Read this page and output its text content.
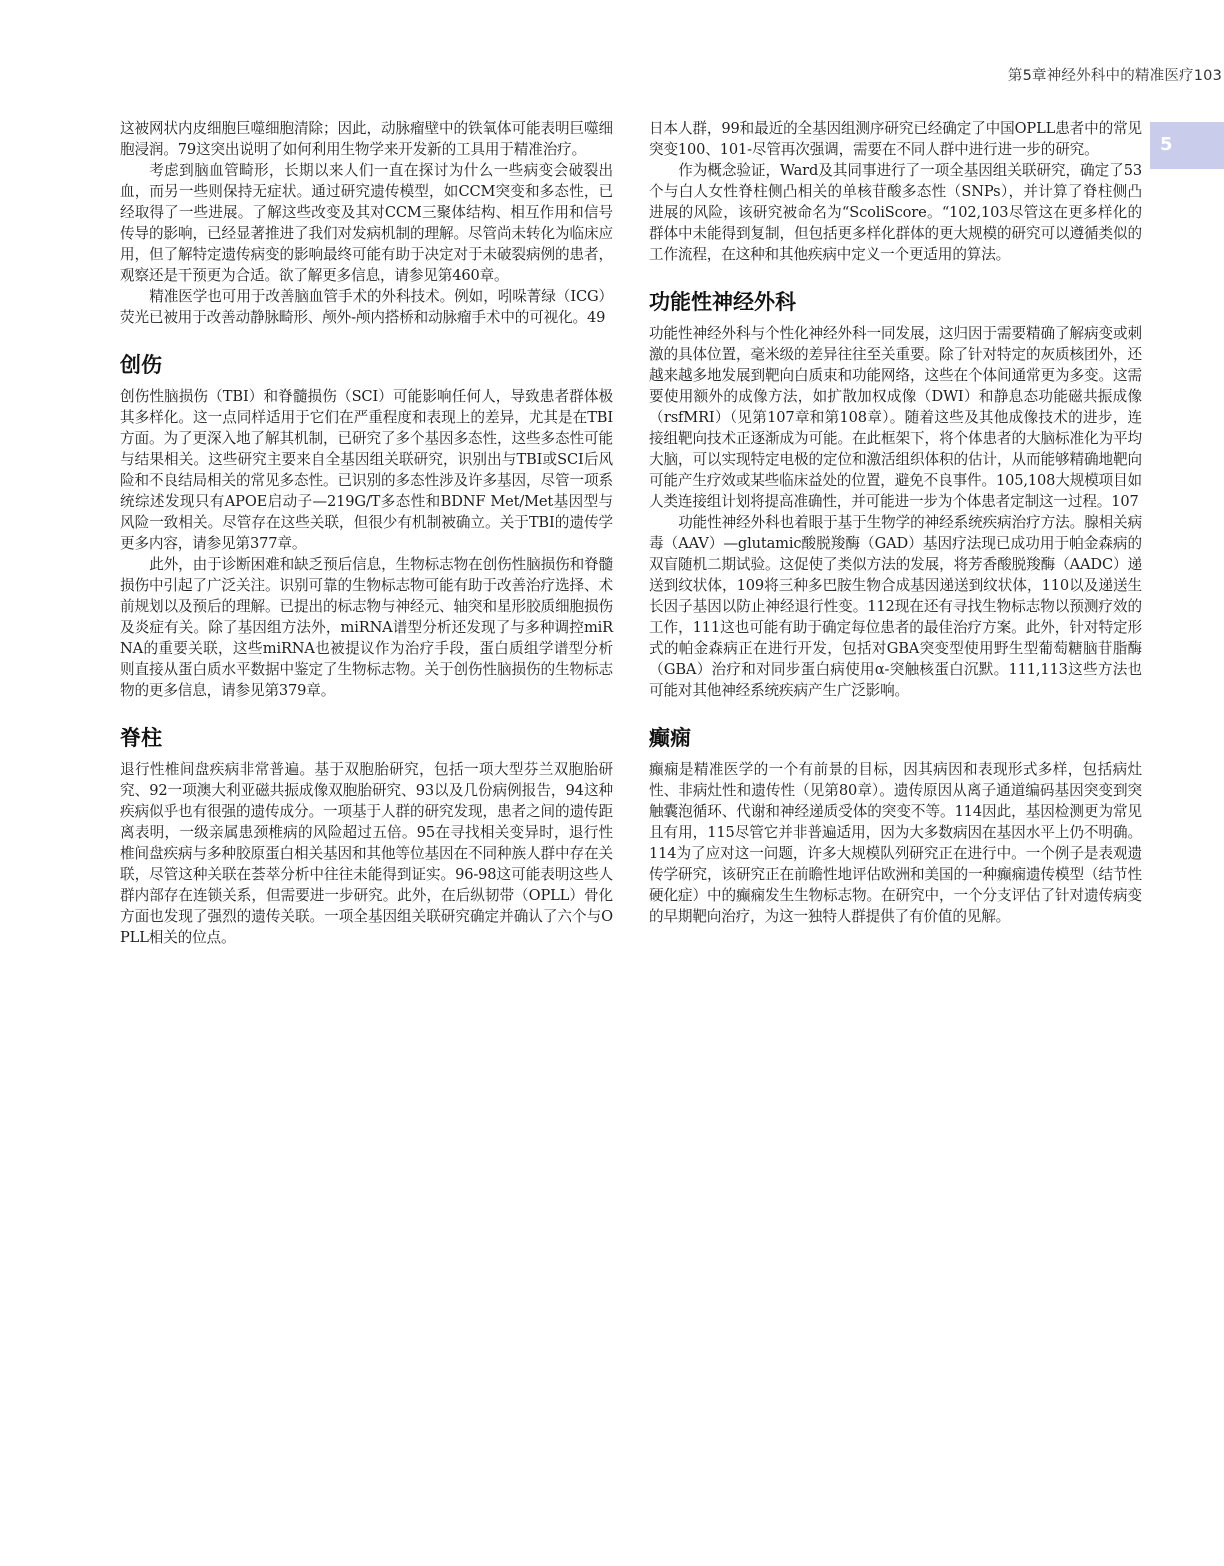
第5章神经外科中的精准医疗103
5

这被网状内皮细胞巨噬细胞清除；因此，动脉瘤壁中的铁氧体可能表明巨噬细胞浸润。79这突出说明了如何利用生物学来开发新的工具用于精准治疗。

考虑到脑血管畸形，长期以来人们一直在探讨为什么一些病变会破裂出血，而另一些则保持无症状。通过研究遗传模型，如CCM突变和多态性，已经取得了一些进展。了解这些改变及其对CCM三聚体结构、相互作用和信号传导的影响，已经显著推进了我们对发病机制的理解。尽管尚未转化为临床应用，但了解特定遗传病变的影响最终可能有助于决定对于未破裂病例的患者，观察还是干预更为合适。欲了解更多信息，请参见第460章。

精准医学也可用于改善脑血管手术的外科技术。例如，吲哚菁绿（ICG）荧光已被用于改善动静脉畸形、颅外-颅内搭桥和动脉瘤手术中的可视化。49

创伤

创伤性脑损伤（TBI）和脊髓损伤（SCI）可能影响任何人，导致患者群体极其多样化。这一点同样适用于它们在严重程度和表现上的差异，尤其是在TBI方面。为了更深入地了解其机制，已研究了多个基因多态性，这些多态性可能与结果相关。这些研究主要来自全基因组关联研究，识别出与TBI或SCI后风险和不良结局相关的常见多态性。已识别的多态性涉及许多基因，尽管一项系统综述发现只有APOE启动子—219G/T多态性和BDNF Met/Met基因型与风险一致相关。尽管存在这些关联，但很少有机制被确立。关于TBI的遗传学更多内容，请参见第377章。

此外，由于诊断困难和缺乏预后信息，生物标志物在创伤性脑损伤和脊髓损伤中引起了广泛关注。识别可靠的生物标志物可能有助于改善治疗选择、术前规划以及预后的理解。已提出的标志物与神经元、轴突和星形胶质细胞损伤及炎症有关。除了基因组方法外，miRNA谱型分析还发现了与多种调控miRNA的重要关联，这些miRNA也被提议作为治疗手段，蛋白质组学谱型分析则直接从蛋白质水平数据中鉴定了生物标志物。关于创伤性脑损伤的生物标志物的更多信息，请参见第379章。

脊柱

退行性椎间盘疾病非常普遍。基于双胞胎研究，包括一项大型芬兰双胞胎研究、92一项澳大利亚磁共振成像双胞胎研究、93以及几份病例报告，94这种疾病似乎也有很强的遗传成分。一项基于人群的研究发现，患者之间的遗传距离表明，一级亲属患颈椎病的风险超过五倍。95在寻找相关变异时，退行性椎间盘疾病与多种胶原蛋白相关基因和其他等位基因在不同种族人群中存在关联，尽管这种关联在荟萃分析中往往未能得到证实。96-98这可能表明这些人群内部存在连锁关系，但需要进一步研究。此外，在后纵韧带（OPLL）骨化方面也发现了强烈的遗传关联。一项全基因组关联研究确定并确认了六个与OPLL相关的位点。

日本人群，99和最近的全基因组测序研究已经确定了中国OPLL患者中的常见突变100、101-尽管再次强调，需要在不同人群中进行进一步的研究。

作为概念验证，Ward及其同事进行了一项全基因组关联研究，确定了53个与白人女性脊柱侧凸相关的单核苷酸多态性（SNPs），并计算了脊柱侧凸进展的风险，该研究被命名为“ScoliScore。“102,103尽管这在更多样化的群体中未能得到复制，但包括更多样化群体的更大规模的研究可以遵循类似的工作流程，在这种和其他疾病中定义一个更适用的算法。

功能性神经外科

功能性神经外科与个性化神经外科一同发展，这归因于需要精确了解病变或刺激的具体位置，毫米级的差异往往至关重要。除了针对特定的灰质核团外，还越来越多地发展到靶向白质束和功能网络，这些在个体间通常更为多变。这需要使用额外的成像方法，如扩散加权成像（DWI）和静息态功能磁共振成像（rsfMRI）（见第107章和第108章）。随着这些及其他成像技术的进步，连接组靶向技术正逐渐成为可能。在此框架下，将个体患者的大脑标准化为平均大脑，可以实现特定电极的定位和激活组织体积的估计，从而能够精确地靶向可能产生疗效或某些临床益处的位置，避免不良事件。105,108大规模项目如人类连接组计划将提高准确性，并可能进一步为个体患者定制这一过程。107

功能性神经外科也着眼于基于生物学的神经系统疾病治疗方法。腺相关病毒（AAV）—glutamic酸脱羧酶（GAD）基因疗法现已成功用于帕金森病的双盲随机二期试验。这促使了类似方法的发展，将芳香酸脱羧酶（AADC）递送到纹状体，109将三种多巴胺生物合成基因递送到纹状体，110以及递送生长因子基因以防止神经退行性变。112现在还有寻找生物标志物以预测疗效的工作，111这也可能有助于确定每位患者的最佳治疗方案。此外，针对特定形式的帕金森病正在进行开发，包括对GBA突变型使用野生型葡萄糖脑苷脂酶（GBA）治疗和对同步蛋白病使用α-突触核蛋白沉默。111,113这些方法也可能对其他神经系统疾病产生广泛影响。

癫痫

癫痫是精准医学的一个有前景的目标，因其病因和表现形式多样，包括病灶性、非病灶性和遗传性（见第80章）。遗传原因从离子通道编码基因突变到突触囊泡循环、代谢和神经递质受体的突变不等。114因此，基因检测更为常见且有用，115尽管它并非普遍适用，因为大多数病因在基因水平上仍不明确。114为了应对这一问题，许多大规模队列研究正在进行中。一个例子是表观遗传学研究，该研究正在前瞻性地评估欧洲和美国的一种癫痫遗传模型（结节性硬化症）中的癫痫发生生物标志物。在研究中，一个分支评估了针对遗传病变的早期靶向治疗，为这一独特人群提供了有价值的见解。
